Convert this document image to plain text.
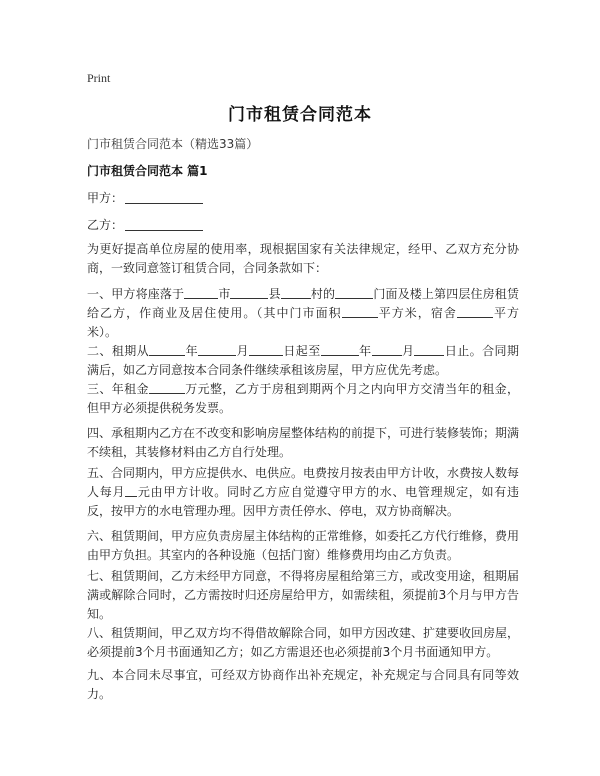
Print
门市租赁合同范本
门市租赁合同范本（精选33篇）
门市租赁合同范本 篇1
甲方：
乙方：
为更好提高单位房屋的使用率，现根据国家有关法律规定，经甲、乙双方充分协商，一致同意签订租赁合同，合同条款如下：
一、甲方将座落于	市	县	村的	门面及楼上第四层住房租赁给乙方，作商业及居住使用。（其中门市面积	平方米，宿舍	平方米）。
二、租期从	年	月	日起至	年	月	日止。合同期满后，如乙方同意按本合同条件继续承租该房屋，甲方应优先考虑。
三、年租金	万元整，乙方于房租到期两个月之内向甲方交清当年的租金，但甲方必须提供税务发票。
四、承租期内乙方在不改变和影响房屋整体结构的前提下，可进行装修装饰；期满不续租，其装修材料由乙方自行处理。
五、合同期内，甲方应提供水、电供应。电费按月按表由甲方计收，水费按人数每人每月 元由甲方计收。同时乙方应自觉遵守甲方的水、电管理规定，如有违反，按甲方的水电管理办理。因甲方责任停水、停电，双方协商解决。
六、租赁期间，甲方应负责房屋主体结构的正常维修，如委托乙方代行维修，费用由甲方负担。其室内的各种设施（包括门窗）维修费用均由乙方负责。
七、租赁期间，乙方未经甲方同意，不得将房屋租给第三方，或改变用途，租期届满或解除合同时，乙方需按时归还房屋给甲方，如需续租，须提前3个月与甲方告知。
八、租赁期间，甲乙双方均不得借故解除合同，如甲方因改建、扩建要收回房屋，必须提前3个月书面通知乙方；如乙方需退还也必须提前3个月书面通知甲方。
九、本合同未尽事宜，可经双方协商作出补充规定，补充规定与合同具有同等效力。
